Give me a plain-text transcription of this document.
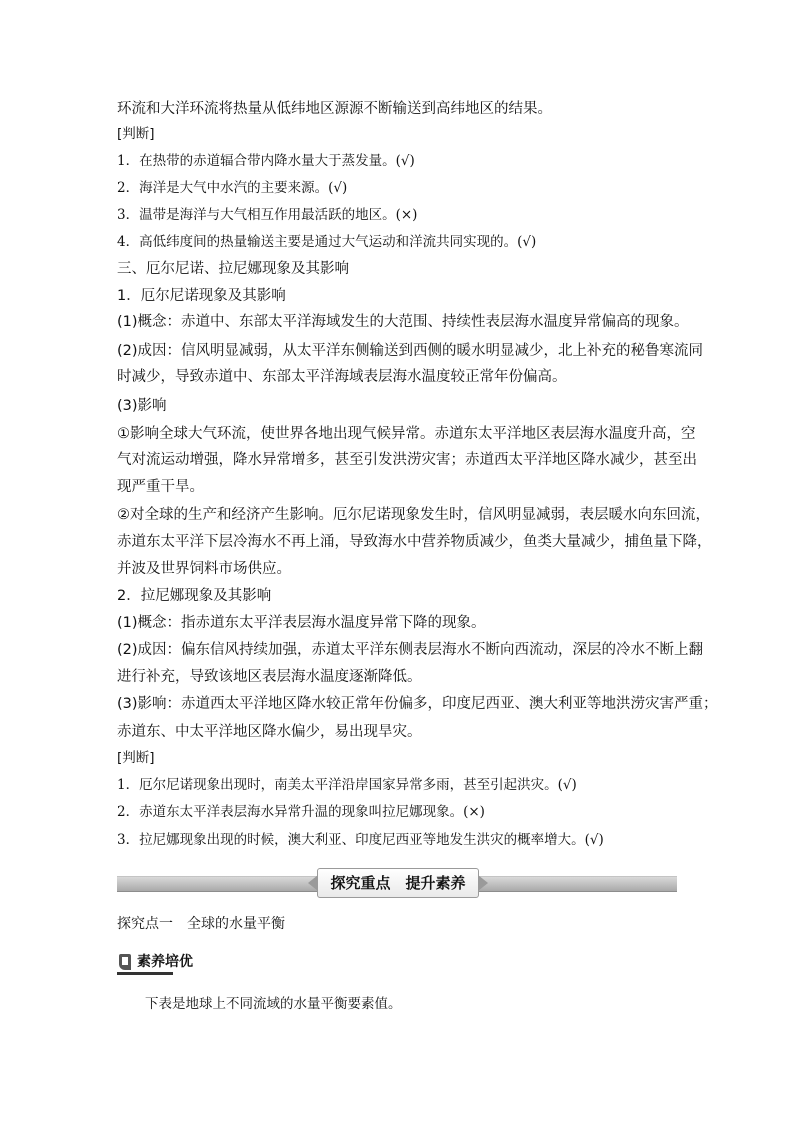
环流和大洋环流将热量从低纬地区源源不断输送到高纬地区的结果。
[判断]
1．在热带的赤道辐合带内降水量大于蒸发量。(√)
2．海洋是大气中水汽的主要来源。(√)
3．温带是海洋与大气相互作用最活跃的地区。(×)
4．高低纬度间的热量输送主要是通过大气运动和洋流共同实现的。(√)
三、厄尔尼诺、拉尼娜现象及其影响
1．厄尔尼诺现象及其影响
(1)概念：赤道中、东部太平洋海域发生的大范围、持续性表层海水温度异常偏高的现象。
(2)成因：信风明显减弱，从太平洋东侧输送到西侧的暖水明显减少，北上补充的秘鲁寒流同
时减少，导致赤道中、东部太平洋海域表层海水温度较正常年份偏高。
(3)影响
①影响全球大气环流，使世界各地出现气候异常。赤道东太平洋地区表层海水温度升高，空
气对流运动增强，降水异常增多，甚至引发洪涝灾害；赤道西太平洋地区降水减少，甚至出
现严重干旱。
②对全球的生产和经济产生影响。厄尔尼诺现象发生时，信风明显减弱，表层暖水向东回流，
赤道东太平洋下层冷海水不再上涌，导致海水中营养物质减少，鱼类大量减少，捕鱼量下降，
并波及世界饲料市场供应。
2．拉尼娜现象及其影响
(1)概念：指赤道东太平洋表层海水温度异常下降的现象。
(2)成因：偏东信风持续加强，赤道太平洋东侧表层海水不断向西流动，深层的冷水不断上翻
进行补充，导致该地区表层海水温度逐渐降低。
(3)影响：赤道西太平洋地区降水较正常年份偏多，印度尼西亚、澳大利亚等地洪涝灾害严重；
赤道东、中太平洋地区降水偏少，易出现旱灾。
[判断]
1．厄尔尼诺现象出现时，南美太平洋沿岸国家异常多雨，甚至引起洪灾。(√)
2．赤道东太平洋表层海水异常升温的现象叫拉尼娜现象。(×)
3．拉尼娜现象出现的时候，澳大利亚、印度尼西亚等地发生洪灾的概率增大。(√)
探究重点　提升素养
探究点一　全球的水量平衡
素养培优
下表是地球上不同流域的水量平衡要素值。
